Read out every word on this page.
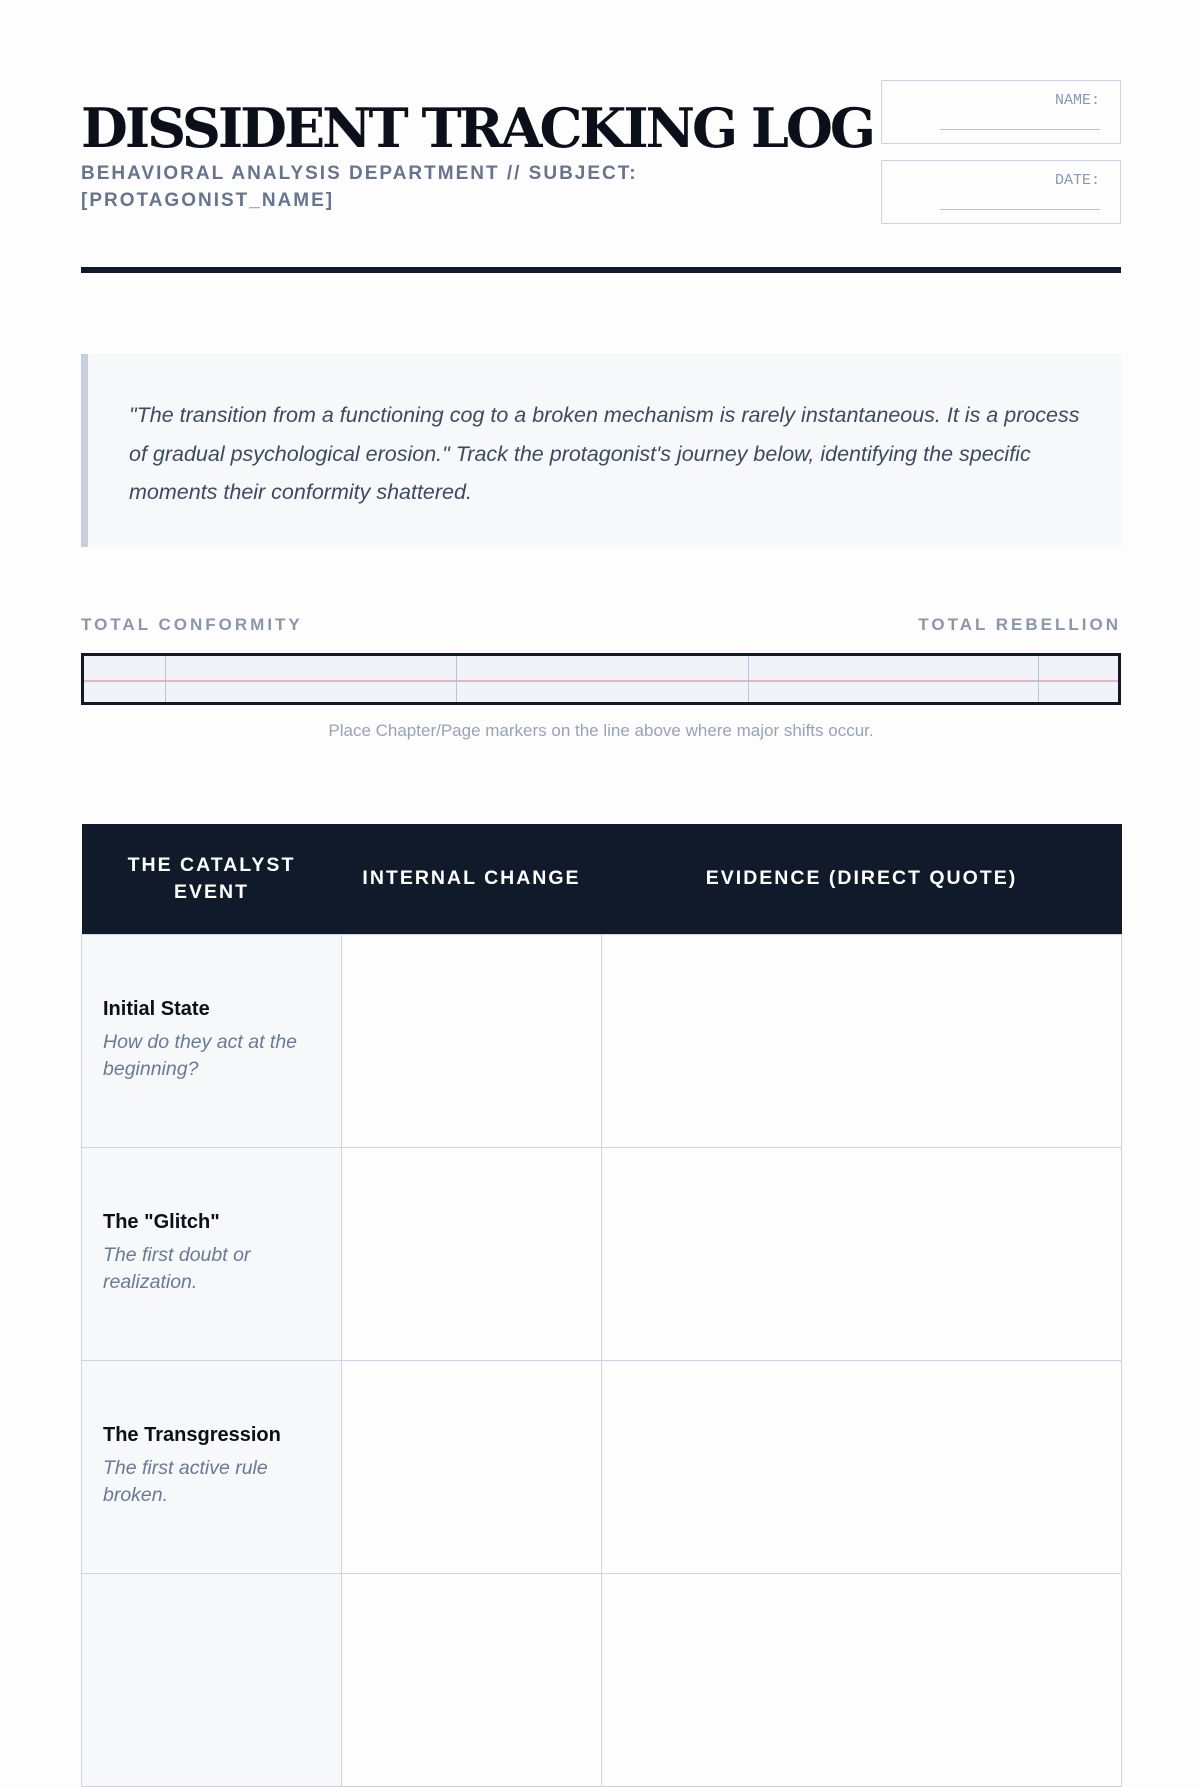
DISSIDENT TRACKING LOG

BEHAVIORAL ANALYSIS DEPARTMENT // SUBJECT: [PROTAGONIST_NAME]

NAME:
DATE:
"The transition from a functioning cog to a broken mechanism is rarely instantaneous. It is a process of gradual psychological erosion." Track the protagonist's journey below, identifying the specific moments their conformity shattered.
TOTAL CONFORMITY	TOTAL REBELLION
Place Chapter/Page markers on the line above where major shifts occur.
THE CATALYST EVENT	INTERNAL CHANGE	EVIDENCE (DIRECT QUOTE)

Initial State

How do they act at the beginning?		

The "Glitch"

The first doubt or realization.		

The Transgression

The first active rule broken.		
